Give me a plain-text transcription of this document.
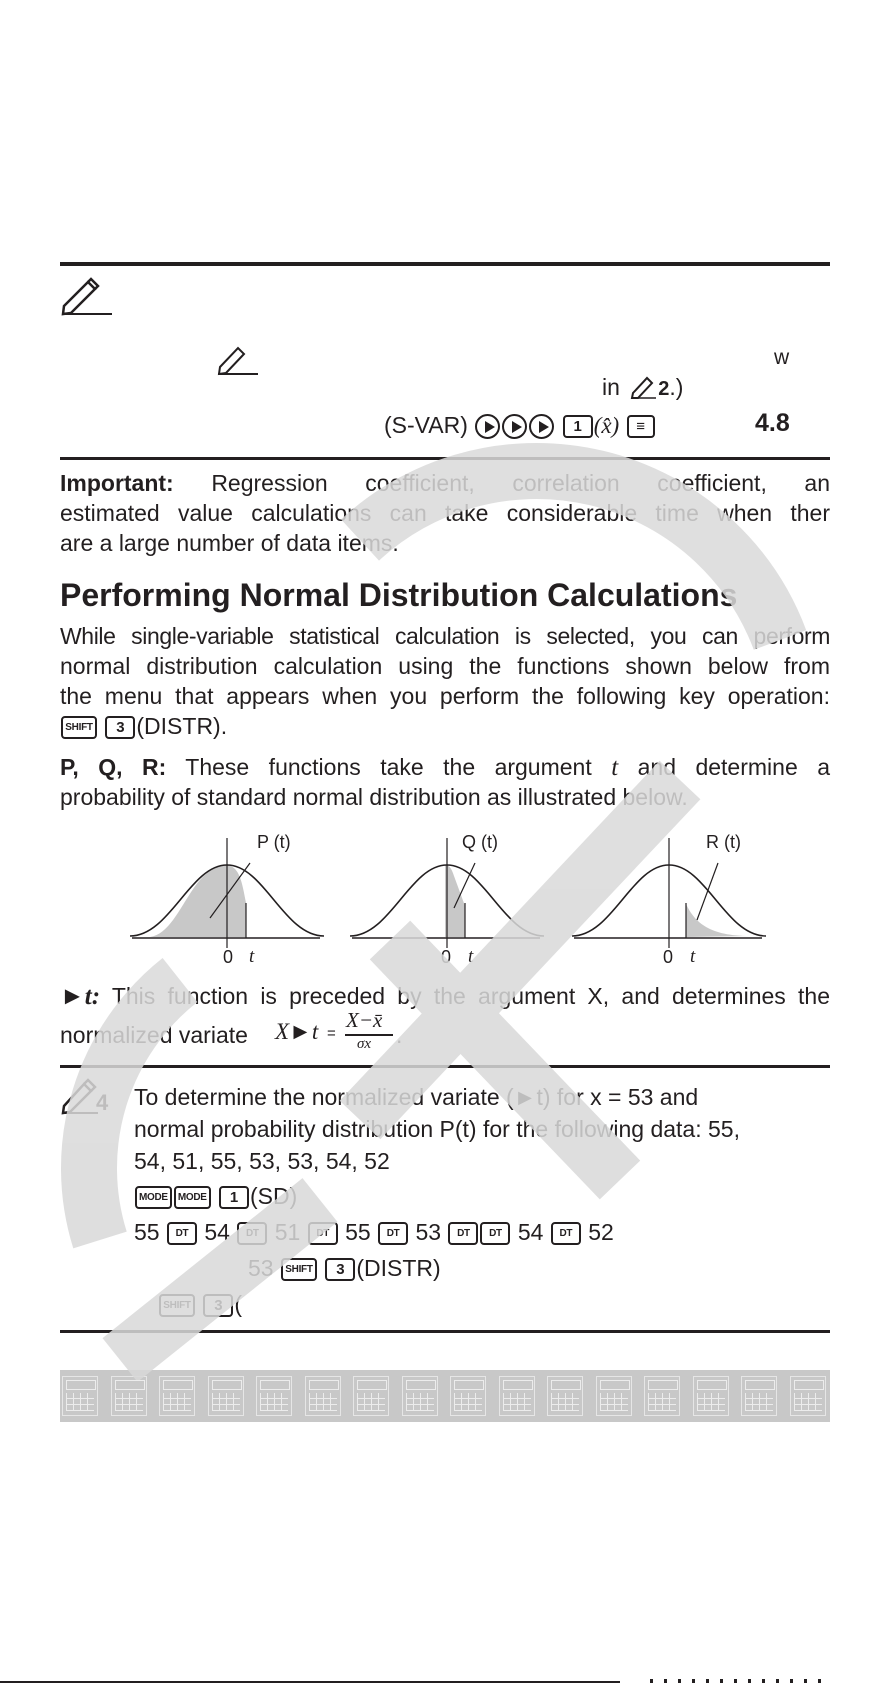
w
in 2.)
(S-VAR)	1 (x̂) ≡	4.8
Important: Regression coefficient, correlation coefficient, an
estimated value calculations can take considerable time when ther
are a large number of data items.
Performing Normal Distribution Calculations
While single-variable statistical calculation is selected, you can perform
normal distribution calculation using the functions shown below from
the menu that appears when you perform the following key operation:
SHIFT 3 (DISTR).
P, Q, R: These functions take the argument t and determine a
probability of standard normal distribution as illustrated below.
P (t)	Q (t)	R (t)
0 t	0 t	0 t
►t: This function is preceded by the argument X, and determines the
normalized variate X►t =
X−x̄
σx .
4 To determine the normalized variate (►t) for x = 53 and
normal probability distribution P(t) for the following data: 55,
54, 51, 55, 53, 53, 54, 52
MODE MODE 1 (SD)
55 DT 54 DT 51 DT 55 DT 53 DT DT 54 DT 52
53 SHIFT 3 (DISTR)
SHIFT 3 (
